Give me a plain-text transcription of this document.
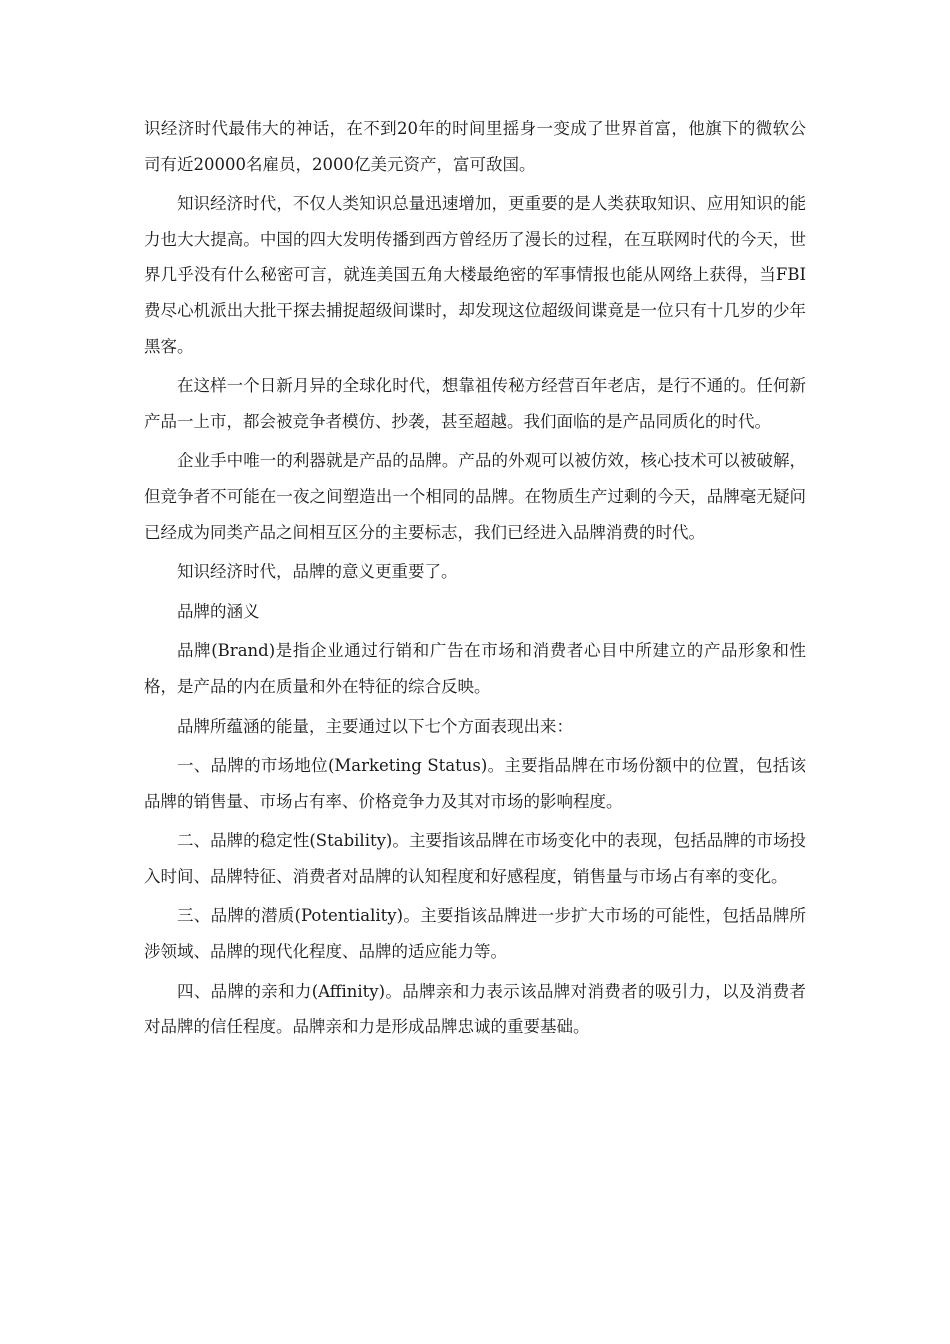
识经济时代最伟大的神话，在不到20年的时间里摇身一变成了世界首富，他旗下的微软公司有近20000名雇员，2000亿美元资产，富可敌国。

知识经济时代，不仅人类知识总量迅速增加，更重要的是人类获取知识、应用知识的能力也大大提高。中国的四大发明传播到西方曾经历了漫长的过程，在互联网时代的今天，世界几乎没有什么秘密可言，就连美国五角大楼最绝密的军事情报也能从网络上获得，当FBI费尽心机派出大批干探去捕捉超级间谍时，却发现这位超级间谍竟是一位只有十几岁的少年黑客。

在这样一个日新月异的全球化时代，想靠祖传秘方经营百年老店，是行不通的。任何新产品一上市，都会被竞争者模仿、抄袭，甚至超越。我们面临的是产品同质化的时代。

企业手中唯一的利器就是产品的品牌。产品的外观可以被仿效，核心技术可以被破解，但竞争者不可能在一夜之间塑造出一个相同的品牌。在物质生产过剩的今天，品牌毫无疑问已经成为同类产品之间相互区分的主要标志，我们已经进入品牌消费的时代。

知识经济时代，品牌的意义更重要了。

品牌的涵义

品牌(Brand)是指企业通过行销和广告在市场和消费者心目中所建立的产品形象和性格，是产品的内在质量和外在特征的综合反映。

品牌所蕴涵的能量，主要通过以下七个方面表现出来：

一、品牌的市场地位(Marketing Status)。主要指品牌在市场份额中的位置，包括该品牌的销售量、市场占有率、价格竞争力及其对市场的影响程度。

二、品牌的稳定性(Stability)。主要指该品牌在市场变化中的表现，包括品牌的市场投入时间、品牌特征、消费者对品牌的认知程度和好感程度，销售量与市场占有率的变化。

三、品牌的潜质(Potentiality)。主要指该品牌进一步扩大市场的可能性，包括品牌所涉领域、品牌的现代化程度、品牌的适应能力等。

四、品牌的亲和力(Affinity)。品牌亲和力表示该品牌对消费者的吸引力，以及消费者对品牌的信任程度。品牌亲和力是形成品牌忠诚的重要基础。
